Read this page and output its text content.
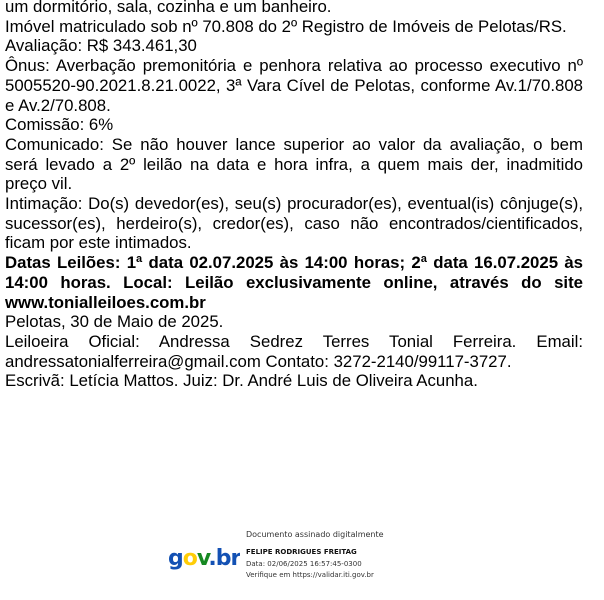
um dormitório, sala, cozinha e um banheiro.

Imóvel matriculado sob nº 70.808 do 2º Registro de Imóveis de Pelotas/RS.

Avaliação: R$ 343.461,30

Ônus: Averbação premonitória e penhora relativa ao processo executivo nº 5005520-90.2021.8.21.0022, 3ª Vara Cível de Pelotas, conforme Av.1/70.808 e Av.2/70.808.

Comissão: 6%

Comunicado: Se não houver lance superior ao valor da avaliação, o bem será levado a 2º leilão na data e hora infra, a quem mais der, inadmitido preço vil.

Intimação: Do(s) devedor(es), seu(s) procurador(es), eventual(is) cônjuge(s), sucessor(es), herdeiro(s), credor(es), caso não encontrados/cientificados, ficam por este intimados.

Datas Leilões: 1ª data 02.07.2025 às 14:00 horas; 2ª data 16.07.2025 às 14:00 horas. Local: Leilão exclusivamente online, através do site www.tonialleiloes.com.br

Pelotas, 30 de Maio de 2025.

Leiloeira Oficial: Andressa Sedrez Terres Tonial Ferreira. Email: andressatonialferreira@gmail.com Contato: 3272-2140/99117-3727.

Escrivã: Letícia Mattos. Juiz: Dr. André Luis de Oliveira Acunha.

gov.br
Documento assinado digitalmente
FELIPE RODRIGUES FREITAG
Data: 02/06/2025 16:57:45-0300
Verifique em https://validar.iti.gov.br
